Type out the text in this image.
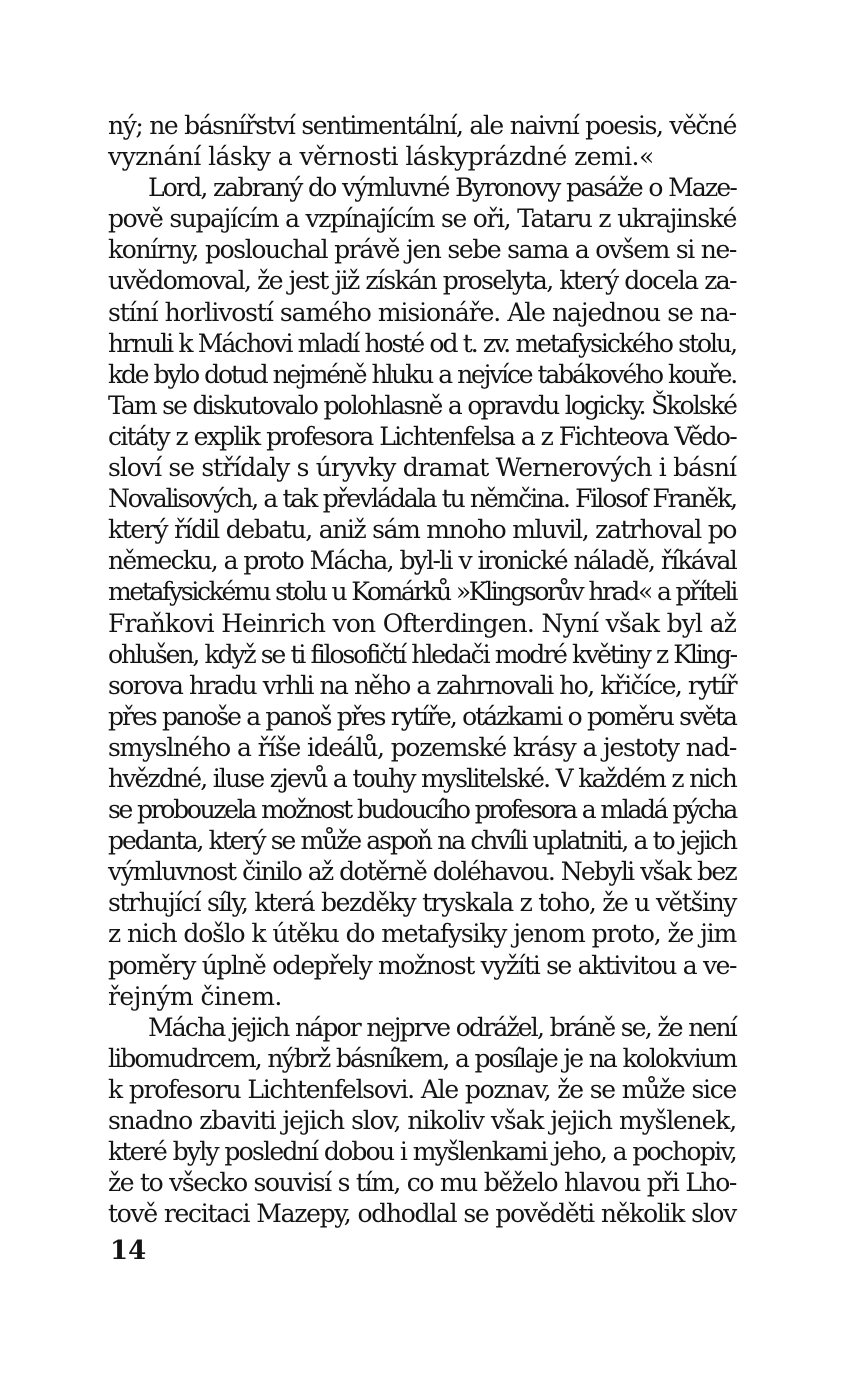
ný; ne básnířství sentimentální, ale naivní poesis, věčné
vyznání lásky a věrnosti láskyprázdné zemi.«
Lord, zabraný do výmluvné Byronovy pasáže o Maze-
pově supajícím a vzpínajícím se oři, Tataru z ukrajinské
konírny, poslouchal právě jen sebe sama a ovšem si ne-
uvědomoval, že jest již získán proselyta, který docela za-
stíní horlivostí samého misionáře. Ale najednou se na-
hrnuli k Máchovi mladí hosté od t. zv. metafysického stolu,
kde bylo dotud nejméně hluku a nejvíce tabákového kouře.
Tam se diskutovalo polohlasně a opravdu logicky. Školské
citáty z explik profesora Lichtenfelsa a z Fichteova Vědo-
sloví se střídaly s úryvky dramat Wernerových i básní
Novalisových, a tak převládala tu němčina. Filosof Franěk,
který řídil debatu, aniž sám mnoho mluvil, zatrhoval po
německu, a proto Mácha, byl-li v ironické náladě, říkával
metafysickému stolu u Komárků »Klingsorův hrad« a příteli
Fraňkovi Heinrich von Ofterdingen. Nyní však byl až
ohlušen, když se ti filosofičtí hledači modré květiny z Kling-
sorova hradu vrhli na něho a zahrnovali ho, křičíce, rytíř
přes panoše a panoš přes rytíře, otázkami o poměru světa
smyslného a říše ideálů, pozemské krásy a jestoty nad-
hvězdné, iluse zjevů a touhy myslitelské. V každém z nich
se probouzela možnost budoucího profesora a mladá pýcha
pedanta, který se může aspoň na chvíli uplatniti, a to jejich
výmluvnost činilo až dotěrně doléhavou. Nebyli však bez
strhující síly, která bezděky tryskala z toho, že u většiny
z nich došlo k útěku do metafysiky jenom proto, že jim
poměry úplně odepřely možnost vyžíti se aktivitou a ve-
řejným činem.
Mácha jejich nápor nejprve odrážel, bráně se, že není
libomudrcem, nýbrž básníkem, a posílaje je na kolokvium
k profesoru Lichtenfelsovi. Ale poznav, že se může sice
snadno zbaviti jejich slov, nikoliv však jejich myšlenek,
které byly poslední dobou i myšlenkami jeho, a pochopiv,
že to všecko souvisí s tím, co mu běželo hlavou při Lho-
tově recitaci Mazepy, odhodlal se pověděti několik slov
14
